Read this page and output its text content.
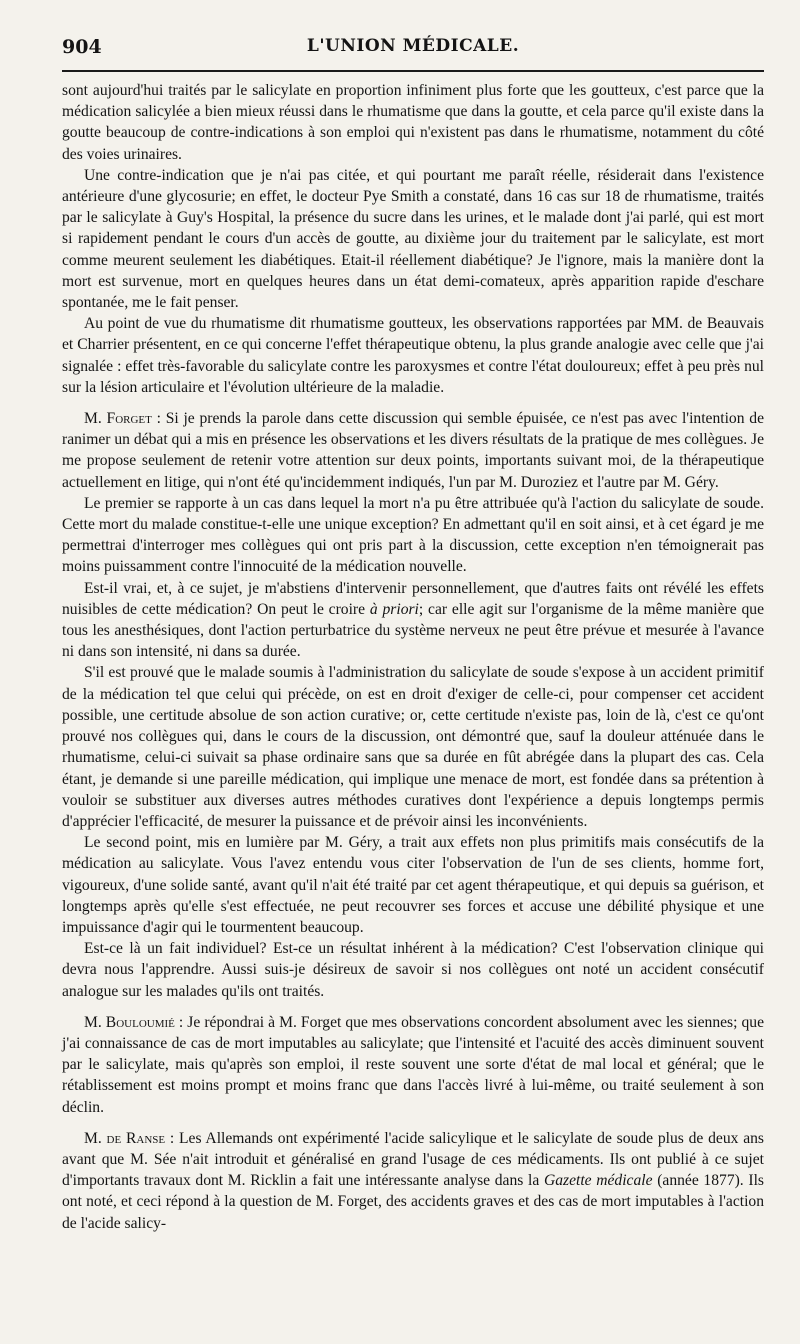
904	L'UNION MÉDICALE.

sont aujourd'hui traités par le salicylate en proportion infiniment plus forte que les goutteux, c'est parce que la médication salicylée a bien mieux réussi dans le rhumatisme que dans la goutte, et cela parce qu'il existe dans la goutte beaucoup de contre-indications à son emploi qui n'existent pas dans le rhumatisme, notamment du côté des voies urinaires.

Une contre-indication que je n'ai pas citée, et qui pourtant me paraît réelle, résiderait dans l'existence antérieure d'une glycosurie; en effet, le docteur Pye Smith a constaté, dans 16 cas sur 18 de rhumatisme, traités par le salicylate à Guy's Hospital, la présence du sucre dans les urines, et le malade dont j'ai parlé, qui est mort si rapidement pendant le cours d'un accès de goutte, au dixième jour du traitement par le salicylate, est mort comme meurent seulement les diabétiques. Etait-il réellement diabétique? Je l'ignore, mais la manière dont la mort est survenue, mort en quelques heures dans un état demi-comateux, après apparition rapide d'eschare spontanée, me le fait penser.

Au point de vue du rhumatisme dit rhumatisme goutteux, les observations rapportées par MM. de Beauvais et Charrier présentent, en ce qui concerne l'effet thérapeutique obtenu, la plus grande analogie avec celle que j'ai signalée : effet très-favorable du salicylate contre les paroxysmes et contre l'état douloureux; effet à peu près nul sur la lésion articulaire et l'évolution ultérieure de la maladie.

M. Forget : Si je prends la parole dans cette discussion qui semble épuisée, ce n'est pas avec l'intention de ranimer un débat qui a mis en présence les observations et les divers résultats de la pratique de mes collègues. Je me propose seulement de retenir votre attention sur deux points, importants suivant moi, de la thérapeutique actuellement en litige, qui n'ont été qu'incidemment indiqués, l'un par M. Duroziez et l'autre par M. Géry.

Le premier se rapporte à un cas dans lequel la mort n'a pu être attribuée qu'à l'action du salicylate de soude. Cette mort du malade constitue-t-elle une unique exception? En admettant qu'il en soit ainsi, et à cet égard je me permettrai d'interroger mes collègues qui ont pris part à la discussion, cette exception n'en témoignerait pas moins puissamment contre l'innocuité de la médication nouvelle.

Est-il vrai, et, à ce sujet, je m'abstiens d'intervenir personnellement, que d'autres faits ont révélé les effets nuisibles de cette médication? On peut le croire à priori; car elle agit sur l'organisme de la même manière que tous les anesthésiques, dont l'action perturbatrice du système nerveux ne peut être prévue et mesurée à l'avance ni dans son intensité, ni dans sa durée.

S'il est prouvé que le malade soumis à l'administration du salicylate de soude s'expose à un accident primitif de la médication tel que celui qui précède, on est en droit d'exiger de celle-ci, pour compenser cet accident possible, une certitude absolue de son action curative; or, cette certitude n'existe pas, loin de là, c'est ce qu'ont prouvé nos collègues qui, dans le cours de la discussion, ont démontré que, sauf la douleur atténuée dans le rhumatisme, celui-ci suivait sa phase ordinaire sans que sa durée en fût abrégée dans la plupart des cas. Cela étant, je demande si une pareille médication, qui implique une menace de mort, est fondée dans sa prétention à vouloir se substituer aux diverses autres méthodes curatives dont l'expérience a depuis longtemps permis d'apprécier l'efficacité, de mesurer la puissance et de prévoir ainsi les inconvénients.

Le second point, mis en lumière par M. Géry, a trait aux effets non plus primitifs mais consécutifs de la médication au salicylate. Vous l'avez entendu vous citer l'observation de l'un de ses clients, homme fort, vigoureux, d'une solide santé, avant qu'il n'ait été traité par cet agent thérapeutique, et qui depuis sa guérison, et longtemps après qu'elle s'est effectuée, ne peut recouvrer ses forces et accuse une débilité physique et une impuissance d'agir qui le tourmentent beaucoup.

Est-ce là un fait individuel? Est-ce un résultat inhérent à la médication? C'est l'observation clinique qui devra nous l'apprendre. Aussi suis-je désireux de savoir si nos collègues ont noté un accident consécutif analogue sur les malades qu'ils ont traités.

M. Bouloumié : Je répondrai à M. Forget que mes observations concordent absolument avec les siennes; que j'ai connaissance de cas de mort imputables au salicylate; que l'intensité et l'acuité des accès diminuent souvent par le salicylate, mais qu'après son emploi, il reste souvent une sorte d'état de mal local et général; que le rétablissement est moins prompt et moins franc que dans l'accès livré à lui-même, ou traité seulement à son déclin.

M. de Ranse : Les Allemands ont expérimenté l'acide salicylique et le salicylate de soude plus de deux ans avant que M. Sée n'ait introduit et généralisé en grand l'usage de ces médicaments. Ils ont publié à ce sujet d'importants travaux dont M. Ricklin a fait une intéressante analyse dans la Gazette médicale (année 1877). Ils ont noté, et ceci répond à la question de M. Forget, des accidents graves et des cas de mort imputables à l'action de l'acide salicy-
